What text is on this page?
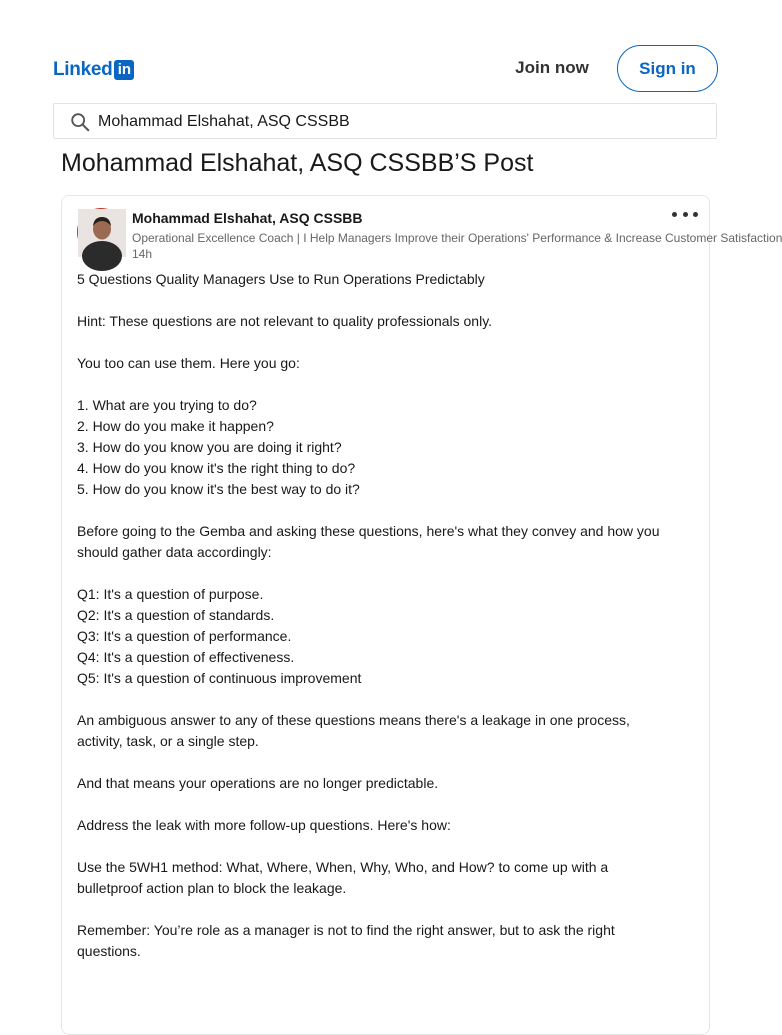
Linked in	Join now	Sign in
Mohammad Elshahat, ASQ CSSBB
Mohammad Elshahat, ASQ CSSBB’S Post
Mohammad Elshahat, ASQ CSSBB
Operational Excellence Coach | I Help Managers Improve their Operations' Performance & Increase Customer Satisfaction
14h

5 Questions Quality Managers Use to Run Operations Predictably

Hint: These questions are not relevant to quality professionals only.

You too can use them. Here you go:

1. What are you trying to do?

2. How do you make it happen?

3. How do you know you are doing it right?

4. How do you know it's the right thing to do?

5. How do you know it's the best way to do it?

Before going to the Gemba and asking these questions, here's what they convey and how you

should gather data accordingly:

Q1: It's a question of purpose.

Q2: It's a question of standards.

Q3: It's a question of performance.

Q4: It's a question of effectiveness.

Q5: It's a question of continuous improvement

An ambiguous answer to any of these questions means there's a leakage in one process,

activity, task, or a single step.

And that means your operations are no longer predictable.

Address the leak with more follow-up questions. Here's how:

Use the 5WH1 method: What, Where, When, Why, Who, and How? to come up with a

bulletproof action plan to block the leakage.

Remember: You’re role as a manager is not to find the right answer, but to ask the right

questions.
